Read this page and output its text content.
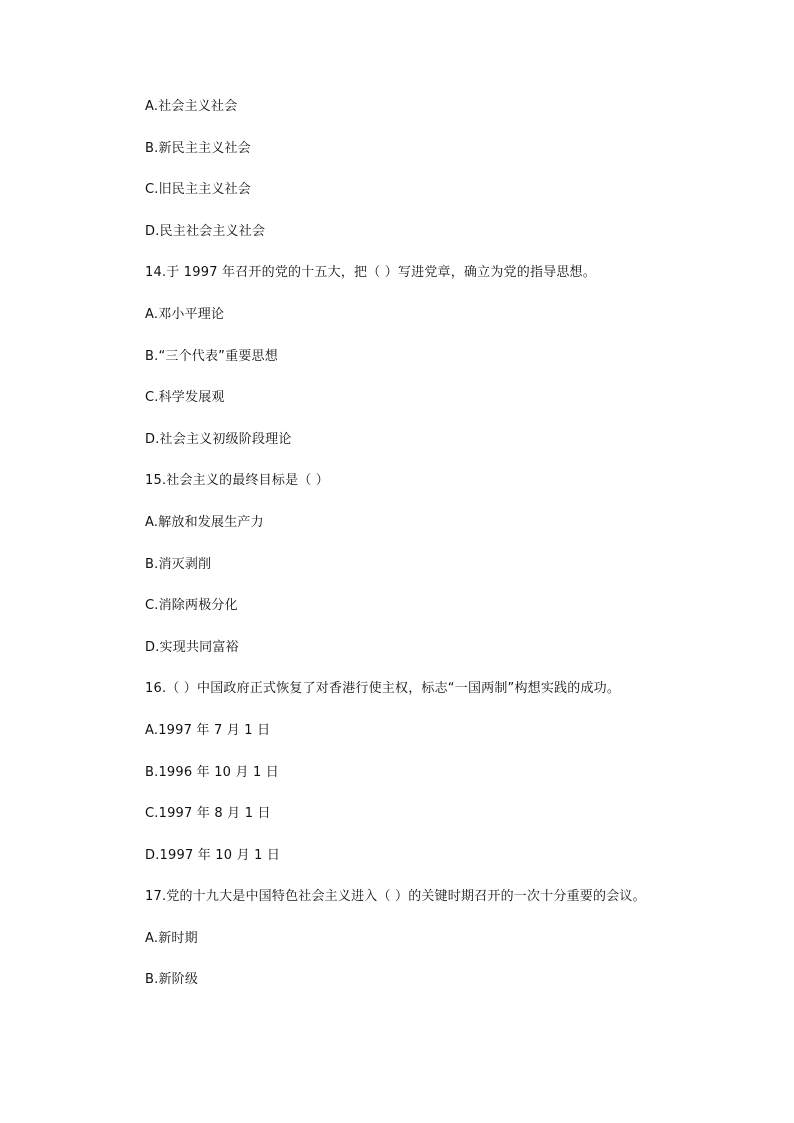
A.社会主义社会
B.新民主主义社会
C.旧民主主义社会
D.民主社会主义社会
14.于 1997 年召开的党的十五大，把（ ）写进党章，确立为党的指导思想。
A.邓小平理论
B.“三个代表”重要思想
C.科学发展观
D.社会主义初级阶段理论
15.社会主义的最终目标是（ ）
A.解放和发展生产力
B.消灭剥削
C.消除两极分化
D.实现共同富裕
16.（ ）中国政府正式恢复了对香港行使主权，标志“一国两制”构想实践的成功。
A.1997 年 7 月 1 日
B.1996 年 10 月 1 日
C.1997 年 8 月 1 日
D.1997 年 10 月 1 日
17.党的十九大是中国特色社会主义进入（ ）的关键时期召开的一次十分重要的会议。
A.新时期
B.新阶级
